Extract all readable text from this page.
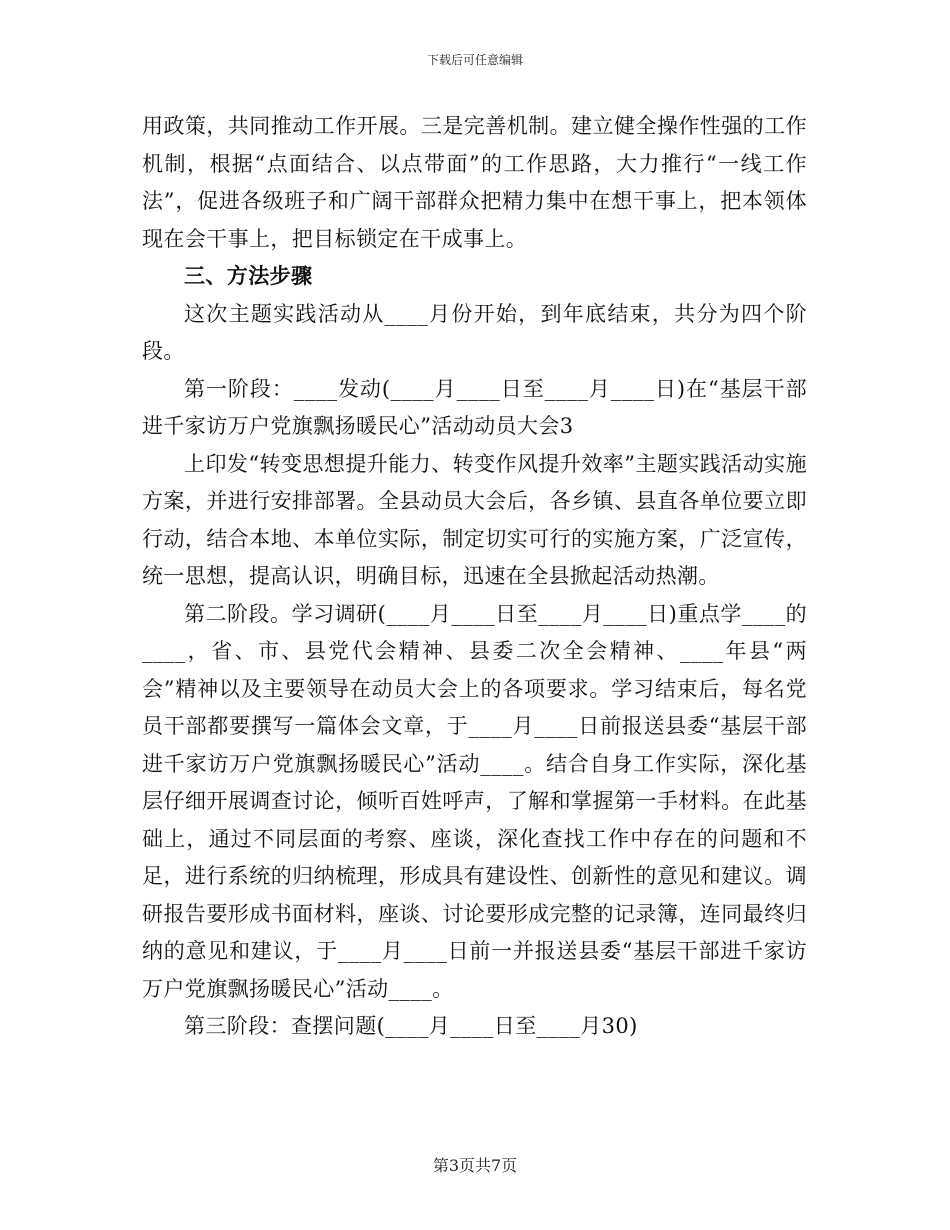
下载后可任意编辑

用政策，共同推动工作开展。三是完善机制。建立健全操作性强的工作机制，根据“点面结合、以点带面”的工作思路，大力推行“一线工作法”，促进各级班子和广阔干部群众把精力集中在想干事上，把本领体现在会干事上，把目标锁定在干成事上。

三、方法步骤

这次主题实践活动从____月份开始，到年底结束，共分为四个阶段。

第一阶段：____发动(____月____日至____月____日)在“基层干部进千家访万户党旗飘扬暖民心”活动动员大会3

上印发“转变思想提升能力、转变作风提升效率”主题实践活动实施方案，并进行安排部署。全县动员大会后，各乡镇、县直各单位要立即行动，结合本地、本单位实际，制定切实可行的实施方案，广泛宣传，统一思想，提高认识，明确目标，迅速在全县掀起活动热潮。

第二阶段。学习调研(____月____日至____月____日)重点学____的____，省、市、县党代会精神、县委二次全会精神、____年县“两会”精神以及主要领导在动员大会上的各项要求。学习结束后，每名党员干部都要撰写一篇体会文章，于____月____日前报送县委“基层干部进千家访万户党旗飘扬暖民心”活动____。结合自身工作实际，深化基层仔细开展调查讨论，倾听百姓呼声，了解和掌握第一手材料。在此基础上，通过不同层面的考察、座谈，深化查找工作中存在的问题和不足，进行系统的归纳梳理，形成具有建设性、创新性的意见和建议。调研报告要形成书面材料，座谈、讨论要形成完整的记录簿，连同最终归纳的意见和建议，于____月____日前一并报送县委“基层干部进千家访万户党旗飘扬暖民心”活动____。

第三阶段：查摆问题(____月____日至____月30)

第3页共7页
